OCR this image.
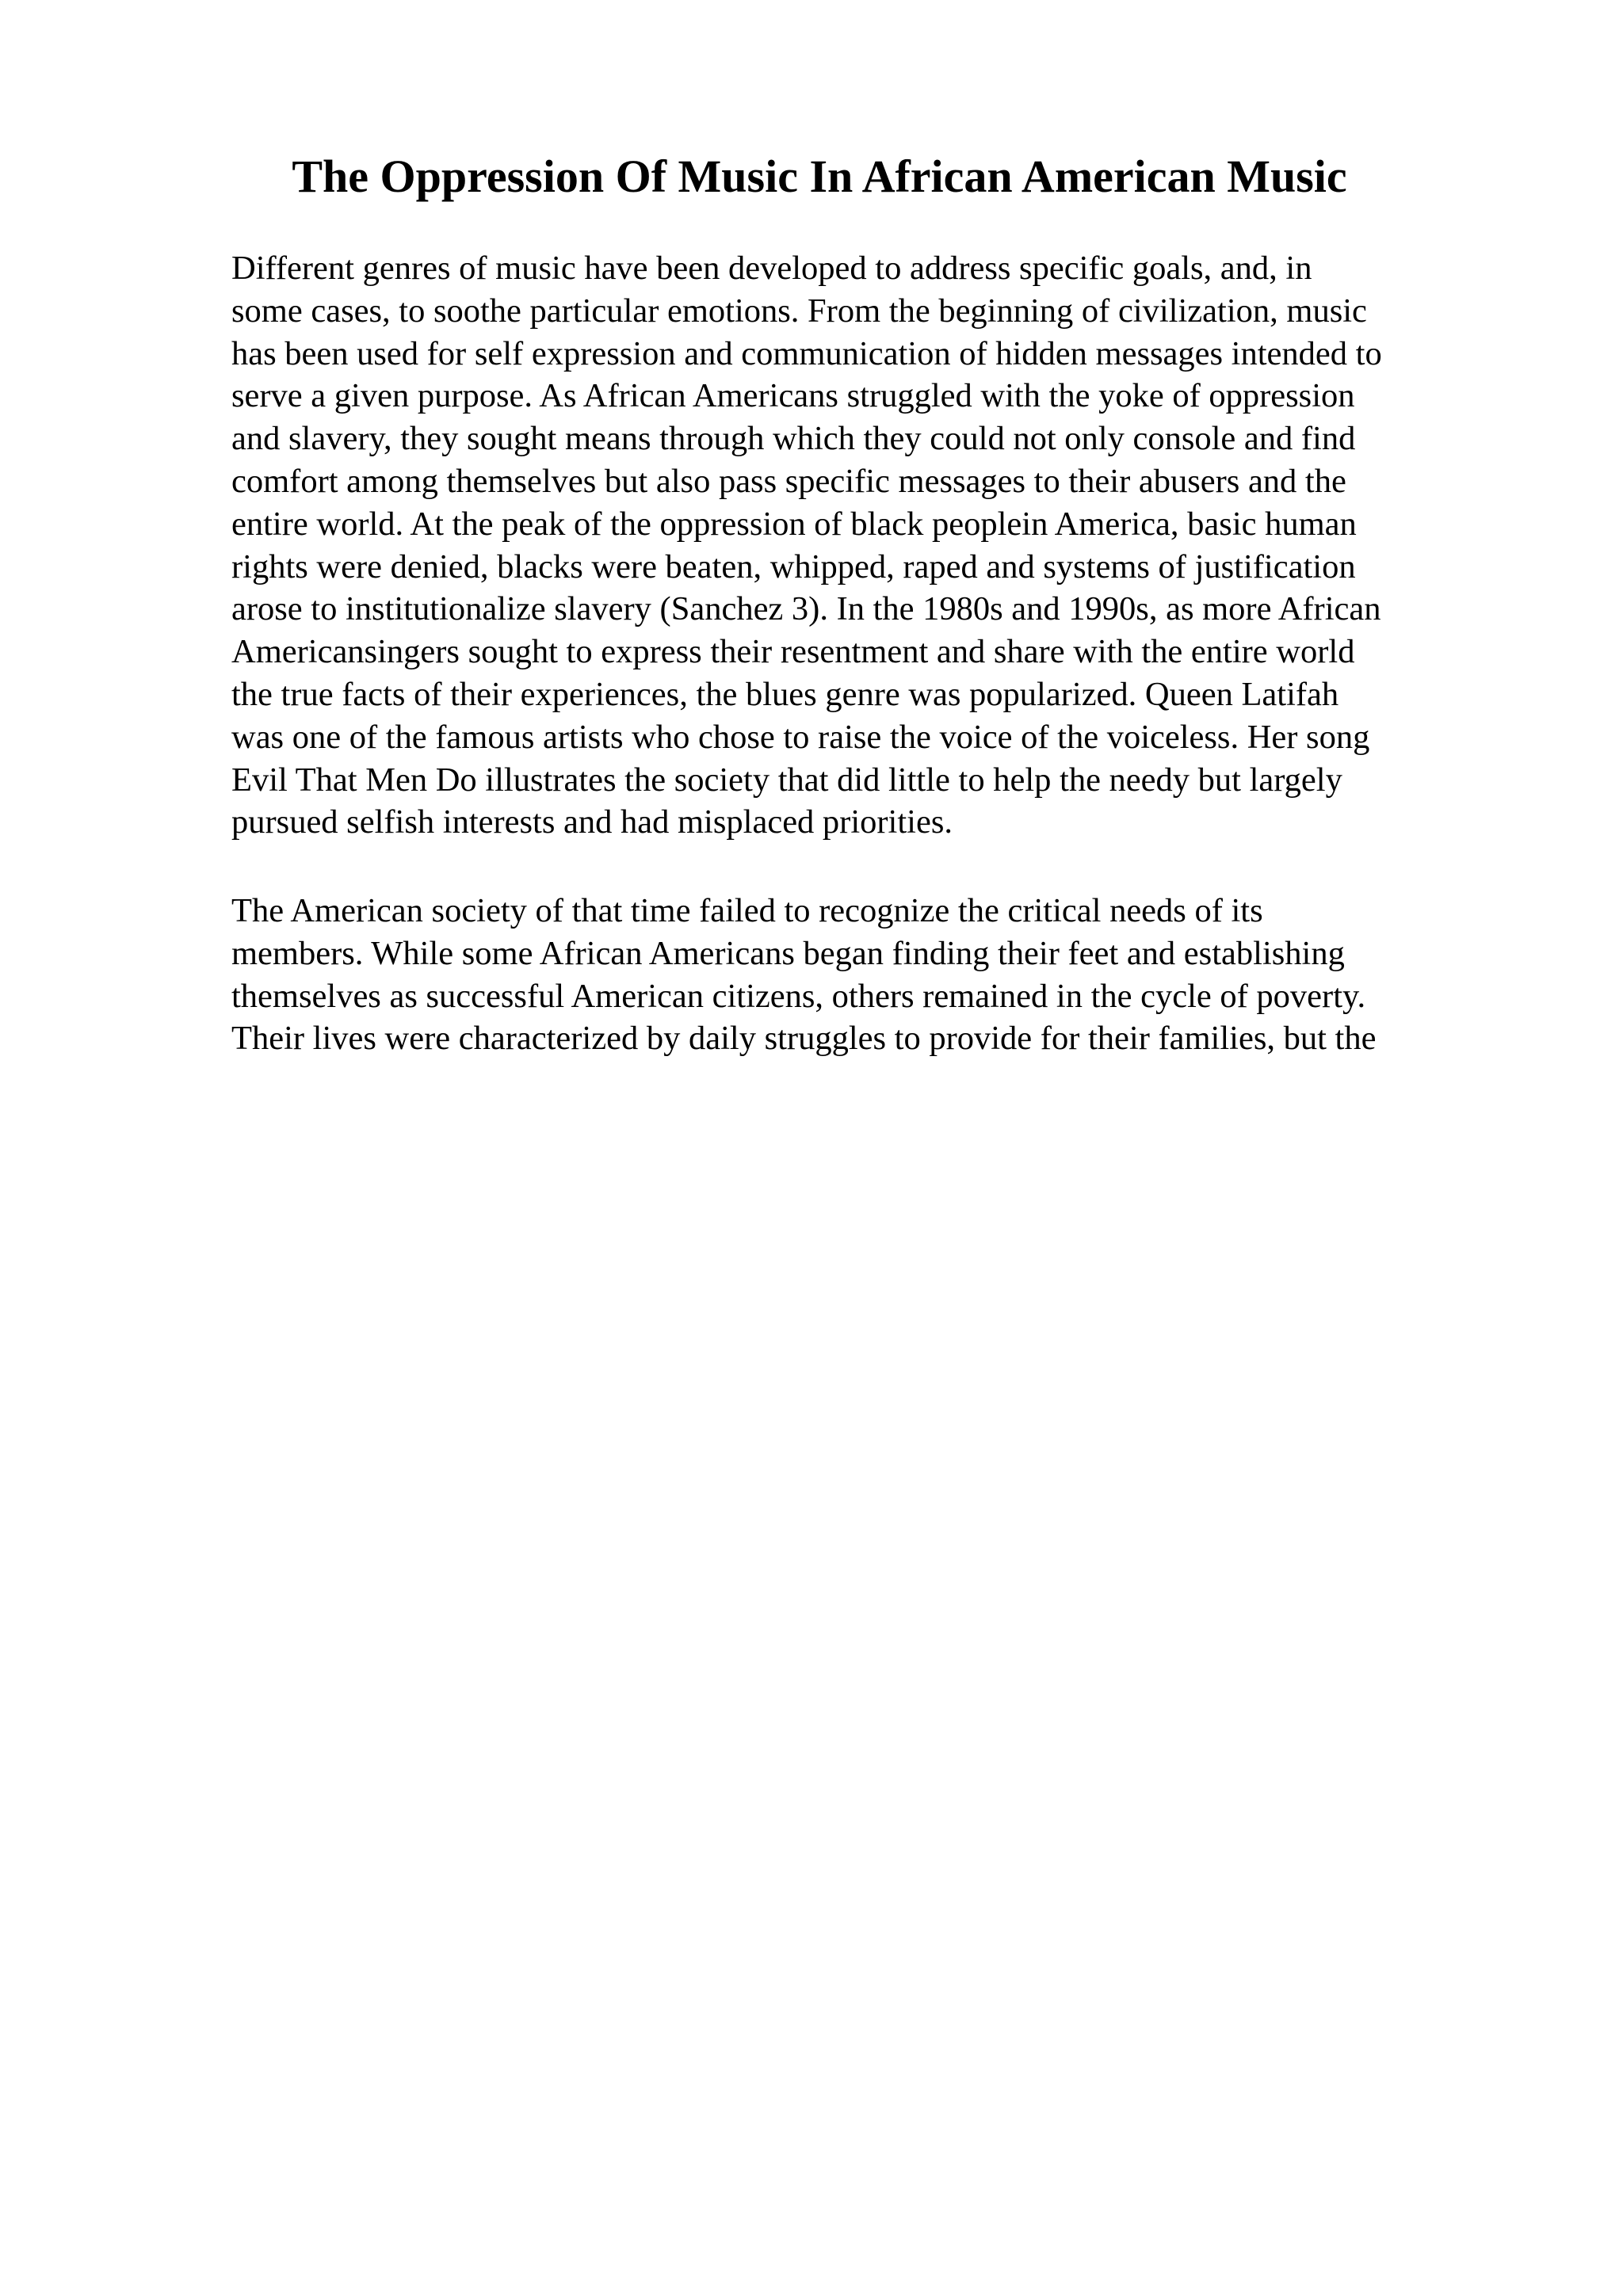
The Oppression Of Music In African American Music
Different genres of music have been developed to address specific goals, and, in
some cases, to soothe particular emotions. From the beginning of civilization, music
has been used for self expression and communication of hidden messages intended to
serve a given purpose. As African Americans struggled with the yoke of oppression
and slavery, they sought means through which they could not only console and find
comfort among themselves but also pass specific messages to their abusers and the
entire world. At the peak of the oppression of black peoplein America, basic human
rights were denied, blacks were beaten, whipped, raped and systems of justification
arose to institutionalize slavery (Sanchez 3). In the 1980s and 1990s, as more African
Americansingers sought to express their resentment and share with the entire world
the true facts of their experiences, the blues genre was popularized. Queen Latifah
was one of the famous artists who chose to raise the voice of the voiceless. Her song
Evil That Men Do illustrates the society that did little to help the needy but largely
pursued selfish interests and had misplaced priorities.
The American society of that time failed to recognize the critical needs of its
members. While some African Americans began finding their feet and establishing
themselves as successful American citizens, others remained in the cycle of poverty.
Their lives were characterized by daily struggles to provide for their families, but the
